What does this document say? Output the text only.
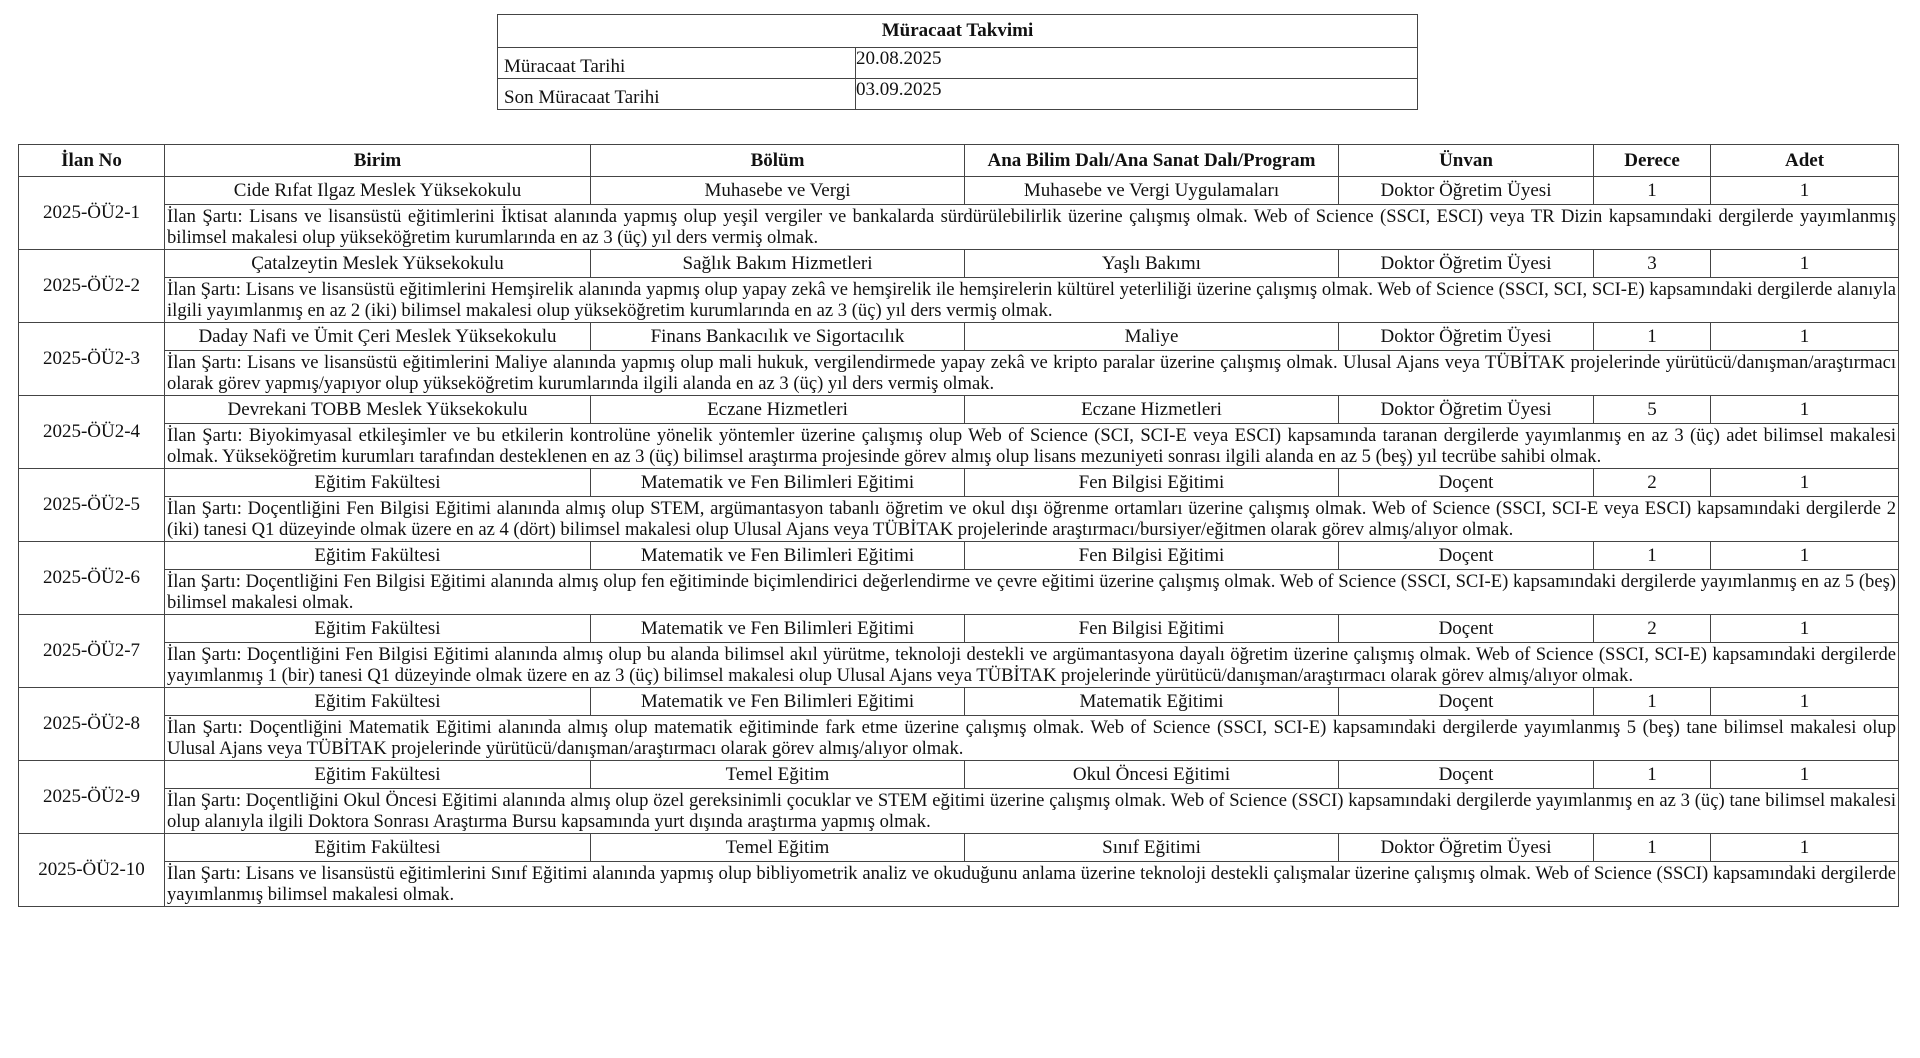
Müracaat Takvimi	
Müracaat Tarihi	20.08.2025
Son Müracaat Tarihi	03.09.2025
İlan No	Birim	Bölüm	Ana Bilim Dalı/Ana Sanat Dalı/Program	Ünvan	Derece	Adet
2025-ÖÜ2-1	Cide Rıfat Ilgaz Meslek Yüksekokulu	Muhasebe ve Vergi	Muhasebe ve Vergi Uygulamaları	Doktor Öğretim Üyesi	1	1
	İlan Şartı: Lisans ve lisansüstü eğitimlerini İktisat alanında yapmış olup yeşil vergiler ve bankalarda sürdürülebilirlik üzerine çalışmış olmak. Web of Science (SSCI, ESCI) veya TR Dizin kapsamındaki dergilerde yayımlanmış bilimsel makalesi olup yükseköğretim kurumlarında en az 3 (üç) yıl ders vermiş olmak.					
2025-ÖÜ2-2	Çatalzeytin Meslek Yüksekokulu	Sağlık Bakım Hizmetleri	Yaşlı Bakımı	Doktor Öğretim Üyesi	3	1
	İlan Şartı: Lisans ve lisansüstü eğitimlerini Hemşirelik alanında yapmış olup yapay zekâ ve hemşirelik ile hemşirelerin kültürel yeterliliği üzerine çalışmış olmak. Web of Science (SSCI, SCI, SCI-E) kapsamındaki dergilerde alanıyla ilgili yayımlanmış en az 2 (iki) bilimsel makalesi olup yükseköğretim kurumlarında en az 3 (üç) yıl ders vermiş olmak.					
2025-ÖÜ2-3	Daday Nafi ve Ümit Çeri Meslek Yüksekokulu	Finans Bankacılık ve Sigortacılık	Maliye	Doktor Öğretim Üyesi	1	1
	İlan Şartı: Lisans ve lisansüstü eğitimlerini Maliye alanında yapmış olup mali hukuk, vergilendirmede yapay zekâ ve kripto paralar üzerine çalışmış olmak. Ulusal Ajans veya TÜBİTAK projelerinde yürütücü/danışman/araştırmacı olarak görev yapmış/yapıyor olup yükseköğretim kurumlarında ilgili alanda en az 3 (üç) yıl ders vermiş olmak.					
2025-ÖÜ2-4	Devrekani TOBB Meslek Yüksekokulu	Eczane Hizmetleri	Eczane Hizmetleri	Doktor Öğretim Üyesi	5	1
	İlan Şartı: Biyokimyasal etkileşimler ve bu etkilerin kontrolüne yönelik yöntemler üzerine çalışmış olup Web of Science (SCI, SCI-E veya ESCI) kapsamında taranan dergilerde yayımlanmış en az 3 (üç) adet bilimsel makalesi olmak. Yükseköğretim kurumları tarafından desteklenen en az 3 (üç) bilimsel araştırma projesinde görev almış olup lisans mezuniyeti sonrası ilgili alanda en az 5 (beş) yıl tecrübe sahibi olmak.					
2025-ÖÜ2-5	Eğitim Fakültesi	Matematik ve Fen Bilimleri Eğitimi	Fen Bilgisi Eğitimi	Doçent	2	1
	İlan Şartı: Doçentliğini Fen Bilgisi Eğitimi alanında almış olup STEM, argümantasyon tabanlı öğretim ve okul dışı öğrenme ortamları üzerine çalışmış olmak. Web of Science (SSCI, SCI-E veya ESCI) kapsamındaki dergilerde 2 (iki) tanesi Q1 düzeyinde olmak üzere en az 4 (dört) bilimsel makalesi olup Ulusal Ajans veya TÜBİTAK projelerinde araştırmacı/bursiyer/eğitmen olarak görev almış/alıyor olmak.					
2025-ÖÜ2-6	Eğitim Fakültesi	Matematik ve Fen Bilimleri Eğitimi	Fen Bilgisi Eğitimi	Doçent	1	1
	İlan Şartı: Doçentliğini Fen Bilgisi Eğitimi alanında almış olup fen eğitiminde biçimlendirici değerlendirme ve çevre eğitimi üzerine çalışmış olmak. Web of Science (SSCI, SCI-E) kapsamındaki dergilerde yayımlanmış en az 5 (beş) bilimsel makalesi olmak.					
2025-ÖÜ2-7	Eğitim Fakültesi	Matematik ve Fen Bilimleri Eğitimi	Fen Bilgisi Eğitimi	Doçent	2	1
	İlan Şartı: Doçentliğini Fen Bilgisi Eğitimi alanında almış olup bu alanda bilimsel akıl yürütme, teknoloji destekli ve argümantasyona dayalı öğretim üzerine çalışmış olmak. Web of Science (SSCI, SCI-E) kapsamındaki dergilerde yayımlanmış 1 (bir) tanesi Q1 düzeyinde olmak üzere en az 3 (üç) bilimsel makalesi olup Ulusal Ajans veya TÜBİTAK projelerinde yürütücü/danışman/araştırmacı olarak görev almış/alıyor olmak.					
2025-ÖÜ2-8	Eğitim Fakültesi	Matematik ve Fen Bilimleri Eğitimi	Matematik Eğitimi	Doçent	1	1
	İlan Şartı: Doçentliğini Matematik Eğitimi alanında almış olup matematik eğitiminde fark etme üzerine çalışmış olmak. Web of Science (SSCI, SCI-E) kapsamındaki dergilerde yayımlanmış 5 (beş) tane bilimsel makalesi olup Ulusal Ajans veya TÜBİTAK projelerinde yürütücü/danışman/araştırmacı olarak görev almış/alıyor olmak.					
2025-ÖÜ2-9	Eğitim Fakültesi	Temel Eğitim	Okul Öncesi Eğitimi	Doçent	1	1
	İlan Şartı: Doçentliğini Okul Öncesi Eğitimi alanında almış olup özel gereksinimli çocuklar ve STEM eğitimi üzerine çalışmış olmak. Web of Science (SSCI) kapsamındaki dergilerde yayımlanmış en az 3 (üç) tane bilimsel makalesi olup alanıyla ilgili Doktora Sonrası Araştırma Bursu kapsamında yurt dışında araştırma yapmış olmak.					
2025-ÖÜ2-10	Eğitim Fakültesi	Temel Eğitim	Sınıf Eğitimi	Doktor Öğretim Üyesi	1	1
	İlan Şartı: Lisans ve lisansüstü eğitimlerini Sınıf Eğitimi alanında yapmış olup bibliyometrik analiz ve okuduğunu anlama üzerine teknoloji destekli çalışmalar üzerine çalışmış olmak. Web of Science (SSCI) kapsamındaki dergilerde yayımlanmış bilimsel makalesi olmak.					
